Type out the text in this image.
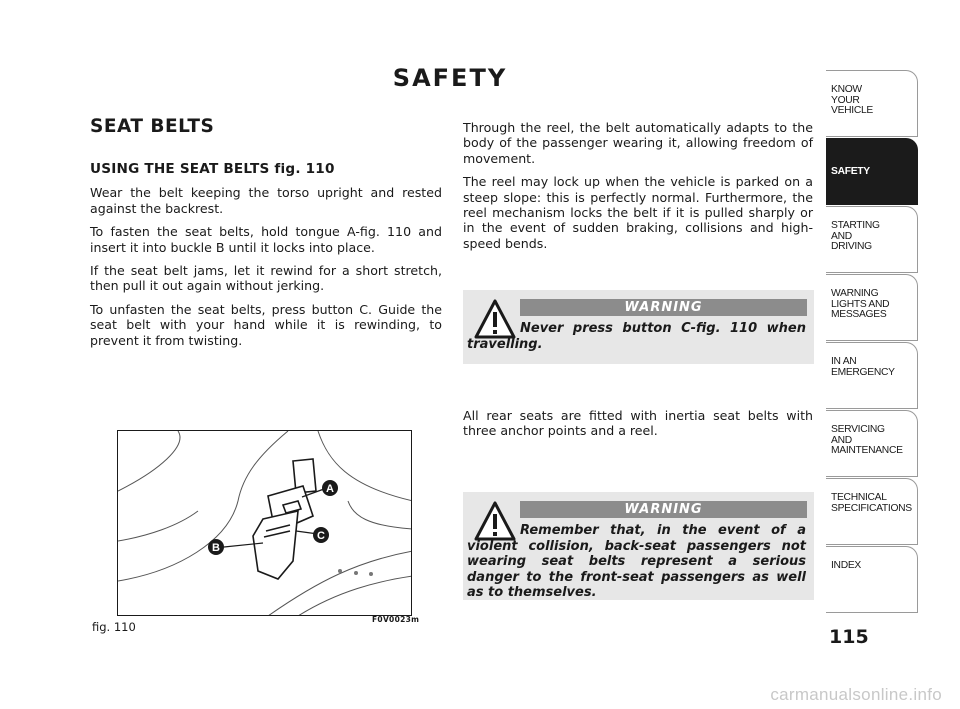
SAFETY
SEAT BELTS

USING THE SEAT BELTS fig. 110

Wear the belt keeping the torso upright and rested against the backrest.

To fasten the seat belts, hold tongue A-fig. 110 and insert it into buckle B until it locks into place.

If the seat belt jams, let it rewind for a short stretch, then pull it out again without jerking.

To unfasten the seat belts, press button C. Guide the seat belt with your hand while it is rewinding, to prevent it from twisting.

Through the reel, the belt automatically adapts to the body of the passenger wearing it, allowing freedom of movement.

The reel may lock up when the vehicle is parked on a steep slope: this is perfectly normal. Furthermore, the reel mechanism locks the belt if it is pulled sharply or in the event of sudden braking, collisions and high-speed bends.

WARNING
Never press button C-fig. 110 when travelling.

All rear seats are fitted with inertia seat belts with three anchor points and a reel.

WARNING
Remember that, in the event of a violent collision, back-seat passengers not wearing seat belts represent a serious danger to the front-seat passengers as well as to themselves.
A
C
B
fig. 110
F0V0023m
KNOW
YOUR
VEHICLE
SAFETY
STARTING
AND
DRIVING
WARNING
LIGHTS AND
MESSAGES
IN AN
EMERGENCY
SERVICING
AND
MAINTENANCE
TECHNICAL
SPECIFICATIONS
INDEX
115
carmanualsonline.info
